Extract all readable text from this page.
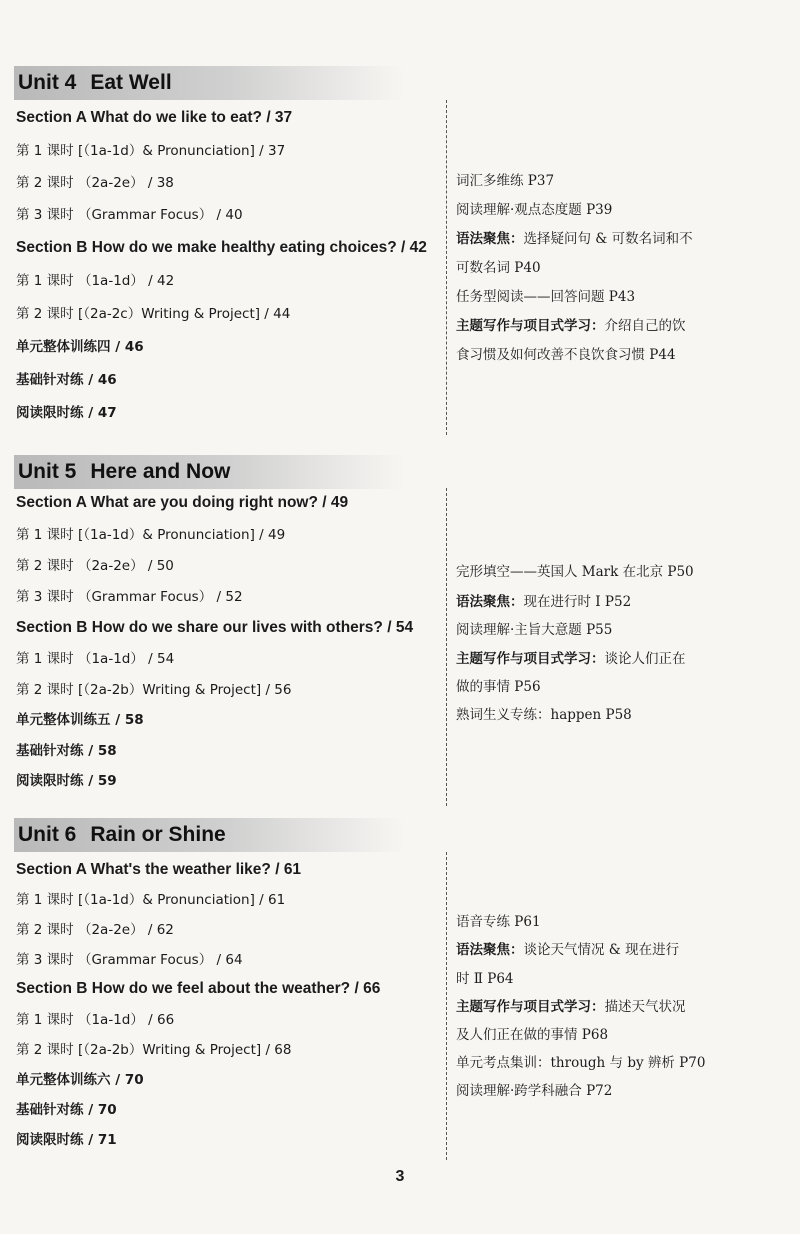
Unit 4 Eat Well
Section A What do we like to eat? / 37
第 1 课时 [（1a-1d）& Pronunciation] / 37
第 2 课时 （2a-2e） / 38
第 3 课时 （Grammar Focus） / 40
Section B How do we make healthy eating choices? / 42
第 1 课时 （1a-1d） / 42
第 2 课时 [（2a-2c）Writing & Project] / 44
单元整体训练四 / 46
基础针对练 / 46
阅读限时练 / 47
词汇多维练 P37
阅读理解·观点态度题 P39
语法聚焦：选择疑问句 & 可数名词和不
可数名词 P40
任务型阅读——回答问题 P43
主题写作与项目式学习：介绍自己的饮
食习惯及如何改善不良饮食习惯 P44
Unit 5 Here and Now
Section A What are you doing right now? / 49
第 1 课时 [（1a-1d）& Pronunciation] / 49
第 2 课时 （2a-2e） / 50
第 3 课时 （Grammar Focus） / 52
Section B How do we share our lives with others? / 54
第 1 课时 （1a-1d） / 54
第 2 课时 [（2a-2b）Writing & Project] / 56
单元整体训练五 / 58
基础针对练 / 58
阅读限时练 / 59
完形填空——英国人 Mark 在北京 P50
语法聚焦：现在进行时 Ⅰ P52
阅读理解·主旨大意题 P55
主题写作与项目式学习：谈论人们正在
做的事情 P56
熟词生义专练：happen P58
Unit 6 Rain or Shine
Section A What's the weather like? / 61
第 1 课时 [（1a-1d）& Pronunciation] / 61
第 2 课时 （2a-2e） / 62
第 3 课时 （Grammar Focus） / 64
Section B How do we feel about the weather? / 66
第 1 课时 （1a-1d） / 66
第 2 课时 [（2a-2b）Writing & Project] / 68
单元整体训练六 / 70
基础针对练 / 70
阅读限时练 / 71
语音专练 P61
语法聚焦：谈论天气情况 & 现在进行
时 Ⅱ P64
主题写作与项目式学习：描述天气状况
及人们正在做的事情 P68
单元考点集训：through 与 by 辨析 P70
阅读理解·跨学科融合 P72
3
